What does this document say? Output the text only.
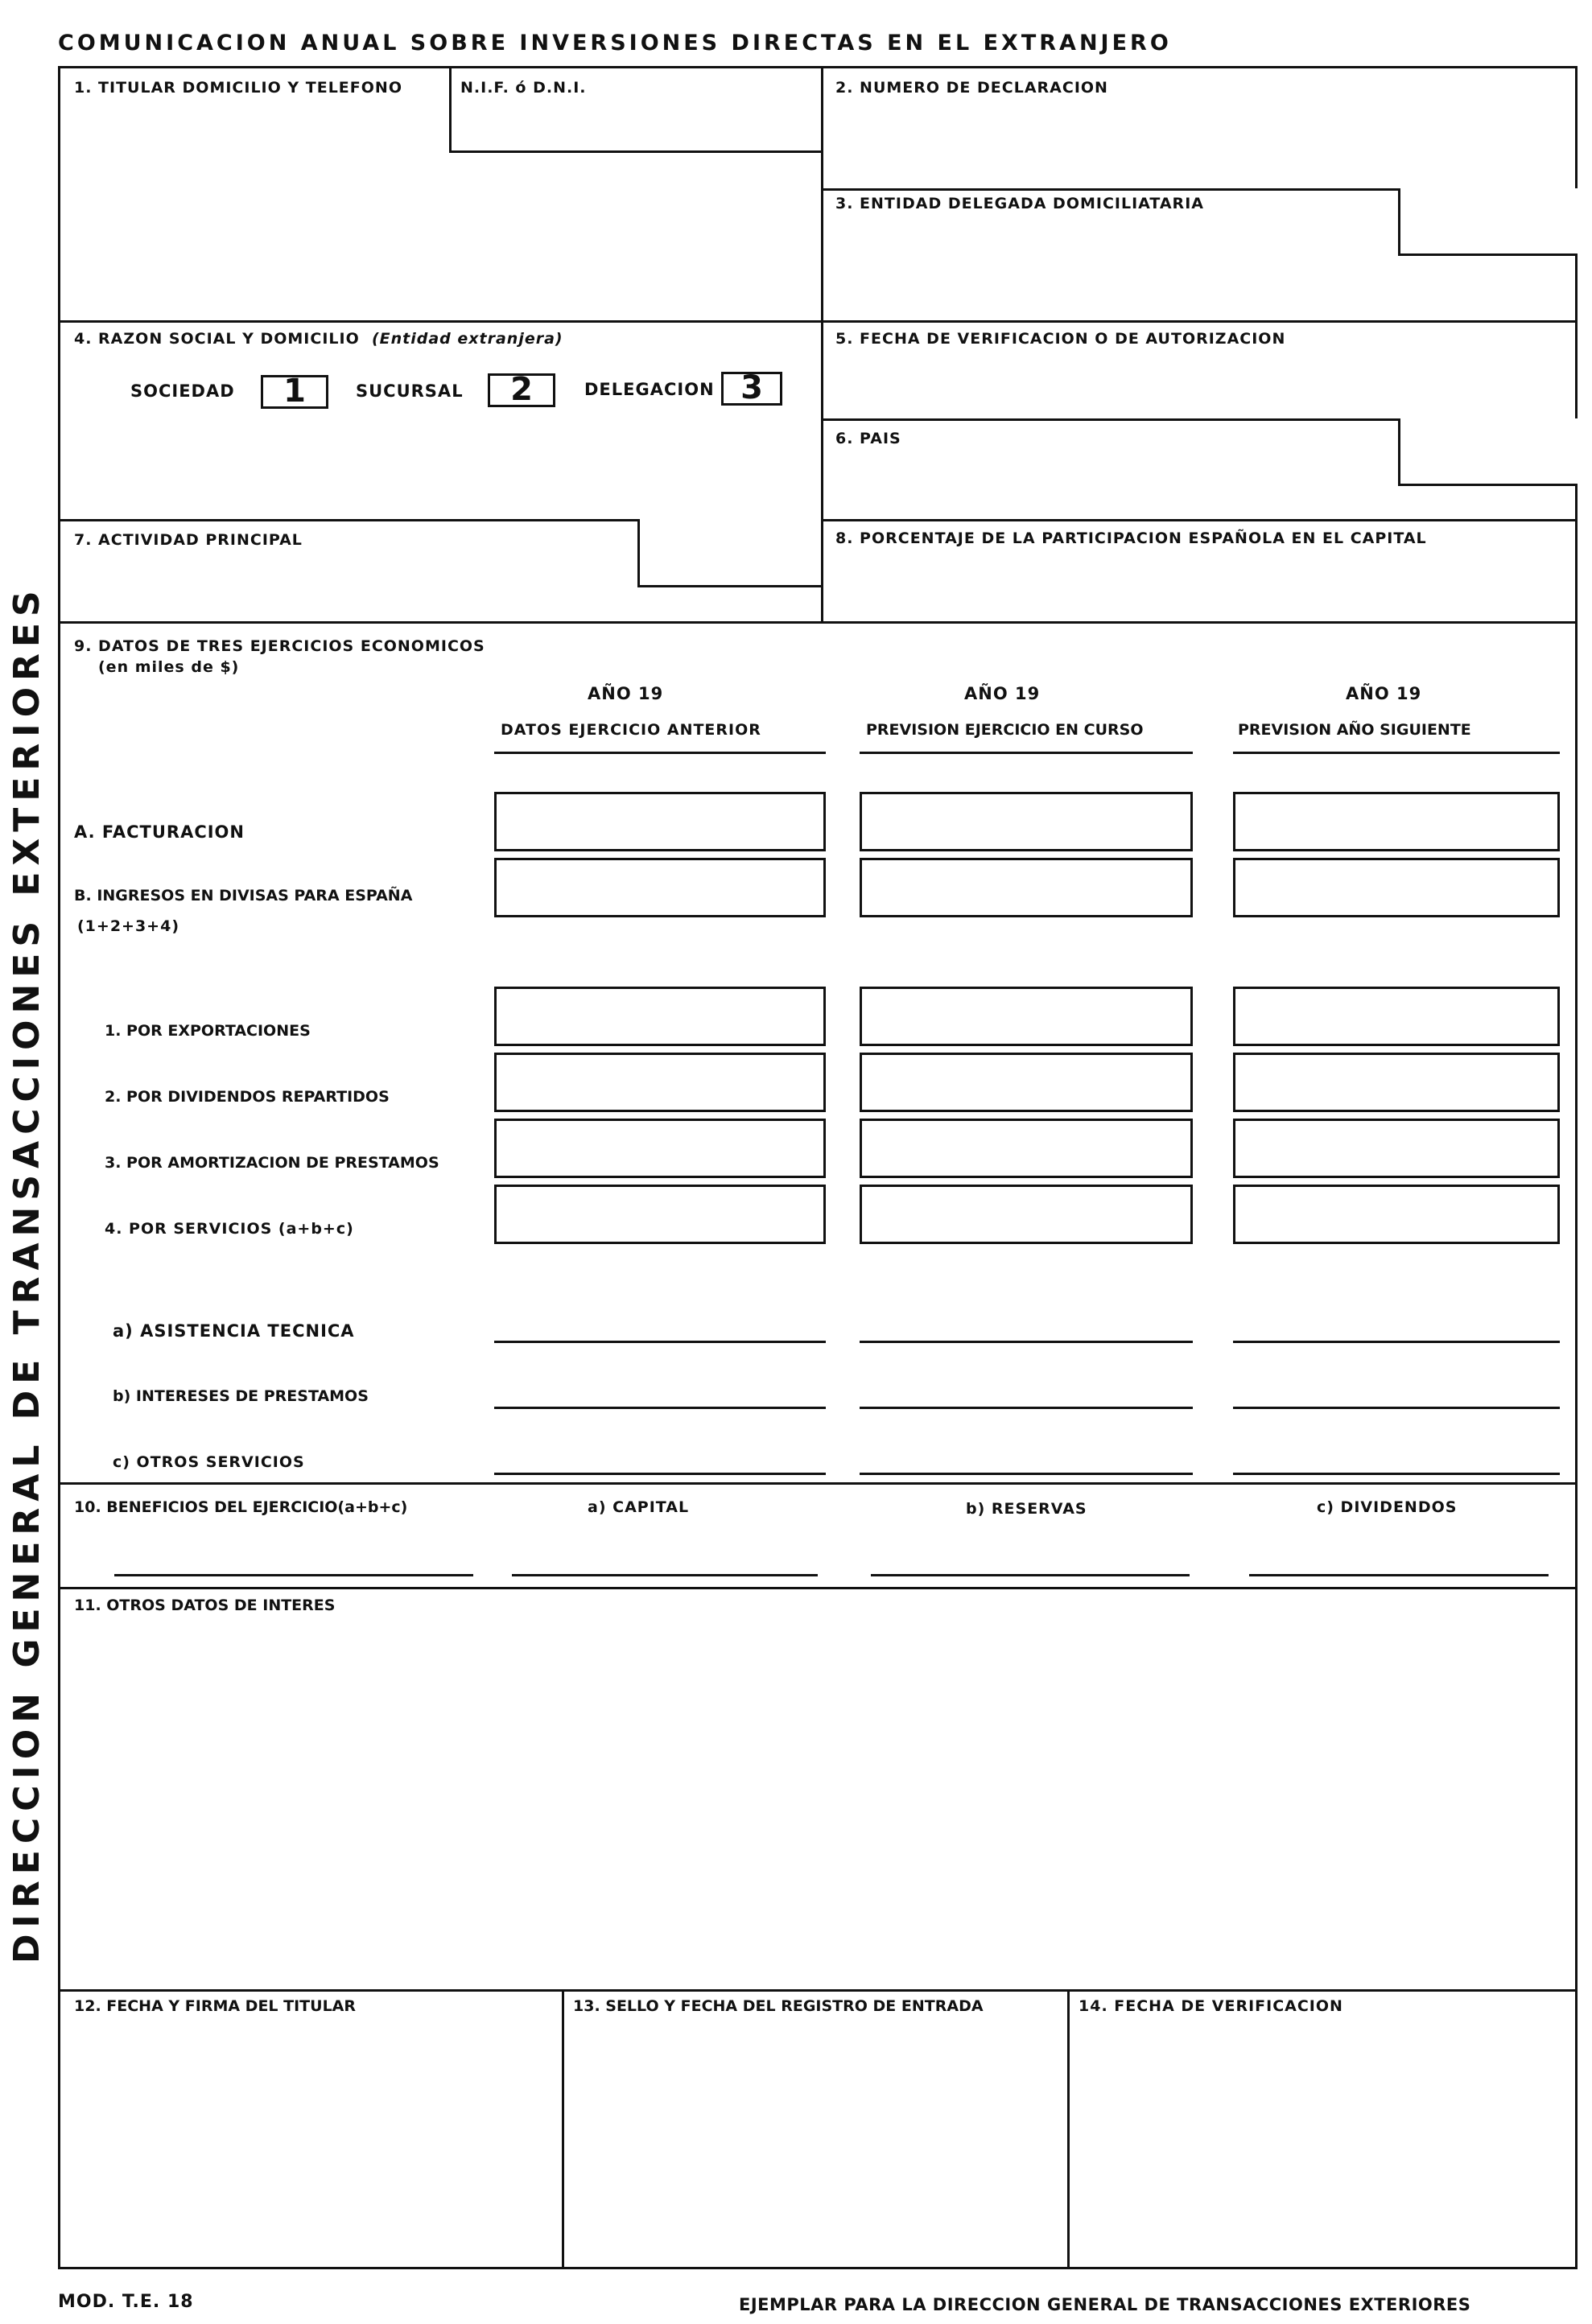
COMUNICACION ANUAL SOBRE INVERSIONES DIRECTAS EN EL EXTRANJERO
DIRECCION GENERAL DE TRANSACCIONES EXTERIORES
1. TITULAR DOMICILIO Y TELEFONO	N.I.F. ó D.N.I.	2. NUMERO DE DECLARACION
3. ENTIDAD DELEGADA DOMICILIATARIA
4. RAZON SOCIAL Y DOMICILIO (Entidad extranjera)
SOCIEDAD	1	SUCURSAL	2	DELEGACION 3
5. FECHA DE VERIFICACION O DE AUTORIZACION
6. PAIS
7. ACTIVIDAD PRINCIPAL	8. PORCENTAJE DE LA PARTICIPACION ESPAÑOLA EN EL CAPITAL
9. DATOS DE TRES EJERCICIOS ECONOMICOS
(en miles de $)
AÑO 19	AÑO 19	AÑO 19
DATOS EJERCICIO ANTERIOR	PREVISION EJERCICIO EN CURSO	PREVISION AÑO SIGUIENTE
A. FACTURACION
B. INGRESOS EN DIVISAS PARA ESPAÑA
(1+2+3+4)
1. POR EXPORTACIONES
2. POR DIVIDENDOS REPARTIDOS
3. POR AMORTIZACION DE PRESTAMOS
4. POR SERVICIOS (a+b+c)
a) ASISTENCIA TECNICA
b) INTERESES DE PRESTAMOS
c) OTROS SERVICIOS
10. BENEFICIOS DEL EJERCICIO(a+b+c)	a) CAPITAL	b) RESERVAS	c) DIVIDENDOS
11. OTROS DATOS DE INTERES
12. FECHA Y FIRMA DEL TITULAR	13. SELLO Y FECHA DEL REGISTRO DE ENTRADA	14. FECHA DE VERIFICACION
MOD. T.E. 18	EJEMPLAR PARA LA DIRECCION GENERAL DE TRANSACCIONES EXTERIORES
